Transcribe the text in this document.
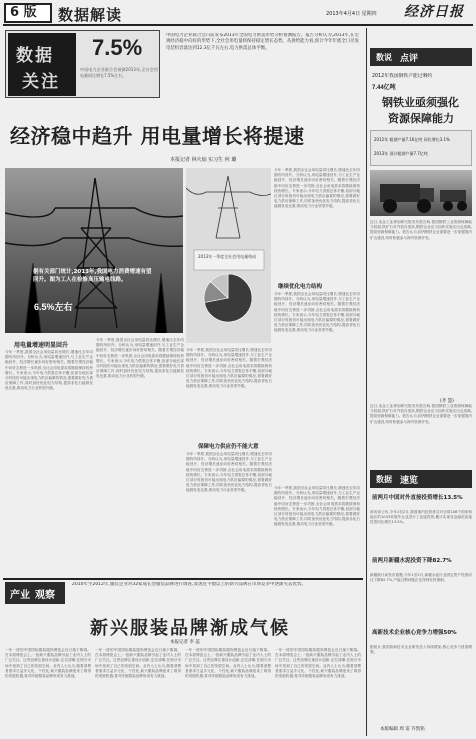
6 版	数据解读	2013年4月4日 星期四 经济日报
数据
关注
7.5%
中国电力企业联合会预测2013年,全社会用电量同比增长7.5%左右。
中国电力企业联合会日前发布2013年全国电力供需形势分析预测报告。报告分析认为,2013年,在宏观经济稳中向好的形势下,全社会用电量将保持稳定增长态势。从供给能力看,预计今年年底全口径发电装机容量达到12.3亿千瓦左右,电力供需总体平衡。
经济稳中趋升 用电量增长将提速
本报记者 林火灿 实习生 何 璐
据有关部门统计,2013年,我国电力消费增速有望回升。图为工人在检修高压输电线路。
6.5%左右
2013年一季度全社会用电量构成
今年一季度,我国全社会用电量同比增长,增速比去年同期有所回升。分析认为,用电量增速回升,与工业生产企稳回升、经济增长逐步向好密切相关。随着宏观经济稳中向好态势进一步巩固,全社会用电需求将继续保持较快增长。专家表示,今年电力供需总体平衡,但部分地区部分时段仍可能出现电力供应偏紧的情况,需要做好电力供应保障工作,同时加快优化电力结构,提高非化石能源发电比重,推动电力行业转型升级。
继续优化电力结构
今年一季度,我国全社会用电量同比增长,增速比去年同期有所回升。分析认为,用电量增速回升,与工业生产企稳回升、经济增长逐步向好密切相关。随着宏观经济稳中向好态势进一步巩固,全社会用电需求将继续保持较快增长。专家表示,今年电力供需总体平衡,但部分地区部分时段仍可能出现电力供应偏紧的情况,需要做好电力供应保障工作,同时加快优化电力结构,提高非化石能源发电比重,推动电力行业转型升级。
用电量增速明显回升
今年一季度,我国全社会用电量同比增长,增速比去年同期有所回升。分析认为,用电量增速回升,与工业生产企稳回升、经济增长逐步向好密切相关。随着宏观经济稳中向好态势进一步巩固,全社会用电需求将继续保持较快增长。专家表示,今年电力供需总体平衡,但部分地区部分时段仍可能出现电力供应偏紧的情况,需要做好电力供应保障工作,同时加快优化电力结构,提高非化石能源发电比重,推动电力行业转型升级。
今年一季度,我国全社会用电量同比增长,增速比去年同期有所回升。分析认为,用电量增速回升,与工业生产企稳回升、经济增长逐步向好密切相关。随着宏观经济稳中向好态势进一步巩固,全社会用电需求将继续保持较快增长。专家表示,今年电力供需总体平衡,但部分地区部分时段仍可能出现电力供应偏紧的情况,需要做好电力供应保障工作,同时加快优化电力结构,提高非化石能源发电比重,推动电力行业转型升级。
保障电力供应仍不能大意
今年一季度,我国全社会用电量同比增长,增速比去年同期有所回升。分析认为,用电量增速回升,与工业生产企稳回升、经济增长逐步向好密切相关。随着宏观经济稳中向好态势进一步巩固,全社会用电需求将继续保持较快增长。专家表示,今年电力供需总体平衡,但部分地区部分时段仍可能出现电力供应偏紧的情况,需要做好电力供应保障工作,同时加快优化电力结构,提高非化石能源发电比重,推动电力行业转型升级。
今年一季度,我国全社会用电量同比增长,增速比去年同期有所回升。分析认为,用电量增速回升,与工业生产企稳回升、经济增长逐步向好密切相关。随着宏观经济稳中向好态势进一步巩固,全社会用电需求将继续保持较快增长。专家表示,今年电力供需总体平衡,但部分地区部分时段仍可能出现电力供应偏紧的情况,需要做好电力供应保障工作,同时加快优化电力结构,提高非化石能源发电比重,推动电力行业转型升级。
今年一季度,我国全社会用电量同比增长,增速比去年同期有所回升。分析认为,用电量增速回升,与工业生产企稳回升、经济增长逐步向好密切相关。随着宏观经济稳中向好态势进一步巩固,全社会用电需求将继续保持较快增长。专家表示,今年电力供需总体平衡,但部分地区部分时段仍可能出现电力供应偏紧的情况,需要做好电力供应保障工作,同时加快优化电力结构,提高非化石能源发电比重,推动电力行业转型升级。
产业 观察
2010年至2012年,服装企业对32家成长型服装品牌进行调查,发现近半数以上的新兴品牌在市场竞争中逐渐失去优势。
新兴服装品牌渐成气候
本报记者 李 蕊
一年一度的中国国际服装服饰博览会近日落下帷幕。在本届博览会上,一批新兴服装品牌引起了业内人士的广泛关注。这些品牌注重设计创新,定位清晰,在细分市场中找到了自己的发展空间。业内人士认为,随着消费者需求日益多元化、个性化,新兴服装品牌迎来了难得的发展机遇,将对传统服装品牌形成有力挑战。
一年一度的中国国际服装服饰博览会近日落下帷幕。在本届博览会上,一批新兴服装品牌引起了业内人士的广泛关注。这些品牌注重设计创新,定位清晰,在细分市场中找到了自己的发展空间。业内人士认为,随着消费者需求日益多元化、个性化,新兴服装品牌迎来了难得的发展机遇,将对传统服装品牌形成有力挑战。
一年一度的中国国际服装服饰博览会近日落下帷幕。在本届博览会上,一批新兴服装品牌引起了业内人士的广泛关注。这些品牌注重设计创新,定位清晰,在细分市场中找到了自己的发展空间。业内人士认为,随着消费者需求日益多元化、个性化,新兴服装品牌迎来了难得的发展机遇,将对传统服装品牌形成有力挑战。
一年一度的中国国际服装服饰博览会近日落下帷幕。在本届博览会上,一批新兴服装品牌引起了业内人士的广泛关注。这些品牌注重设计创新,定位清晰,在细分市场中找到了自己的发展空间。业内人士认为,随着消费者需求日益多元化、个性化,新兴服装品牌迎来了难得的发展机遇,将对传统服装品牌形成有力挑战。
数说 点评
2012年我国钢铁产能过剩约
7.44亿吨
钢铁业亟须强化
资源保障能力
2012年 粗钢产量7.16亿吨 同比增长3.1%
2013年 预计粗钢产量7.7亿吨
近日,冶金工业规划研究院发布报告称,我国钢铁工业资源保障能力较弱,铁矿石对外依存度高,钢铁企业应当加快实施走出去战略,提高资源保障能力。报告认为,国内钢铁企业需要进一步加强国内矿山建设,同时积极参与海外资源开发。
(齐 慧)
近日,冶金工业规划研究院发布报告称,我国钢铁工业资源保障能力较弱,铁矿石对外依存度高,钢铁企业应当加快实施走出去战略,提高资源保障能力。报告认为,国内钢铁企业需要进一步加强国内矿山建设,同时积极参与海外资源开发。
数据 速览
前两月中国对外直接投资增长13.5%
商务部公布,今年1至2月,我国境内投资者共对全球108个国家和地区的1043家境外企业进行了直接投资,累计实现非金融类直接投资同比增长13.5%。
前两月新疆水泥投资下降82.7%
新疆统计局发布数据,今年1至2月,新疆水泥行业固定资产投资同比下降82.7%,产能过剩问题正在得到有效遏制。
高新技术企业核心竞争力增强50%
据统计,我国高新技术企业研发投入持续增加,核心竞争力显著增强。
本版编辑 周 雷 许凯铭
